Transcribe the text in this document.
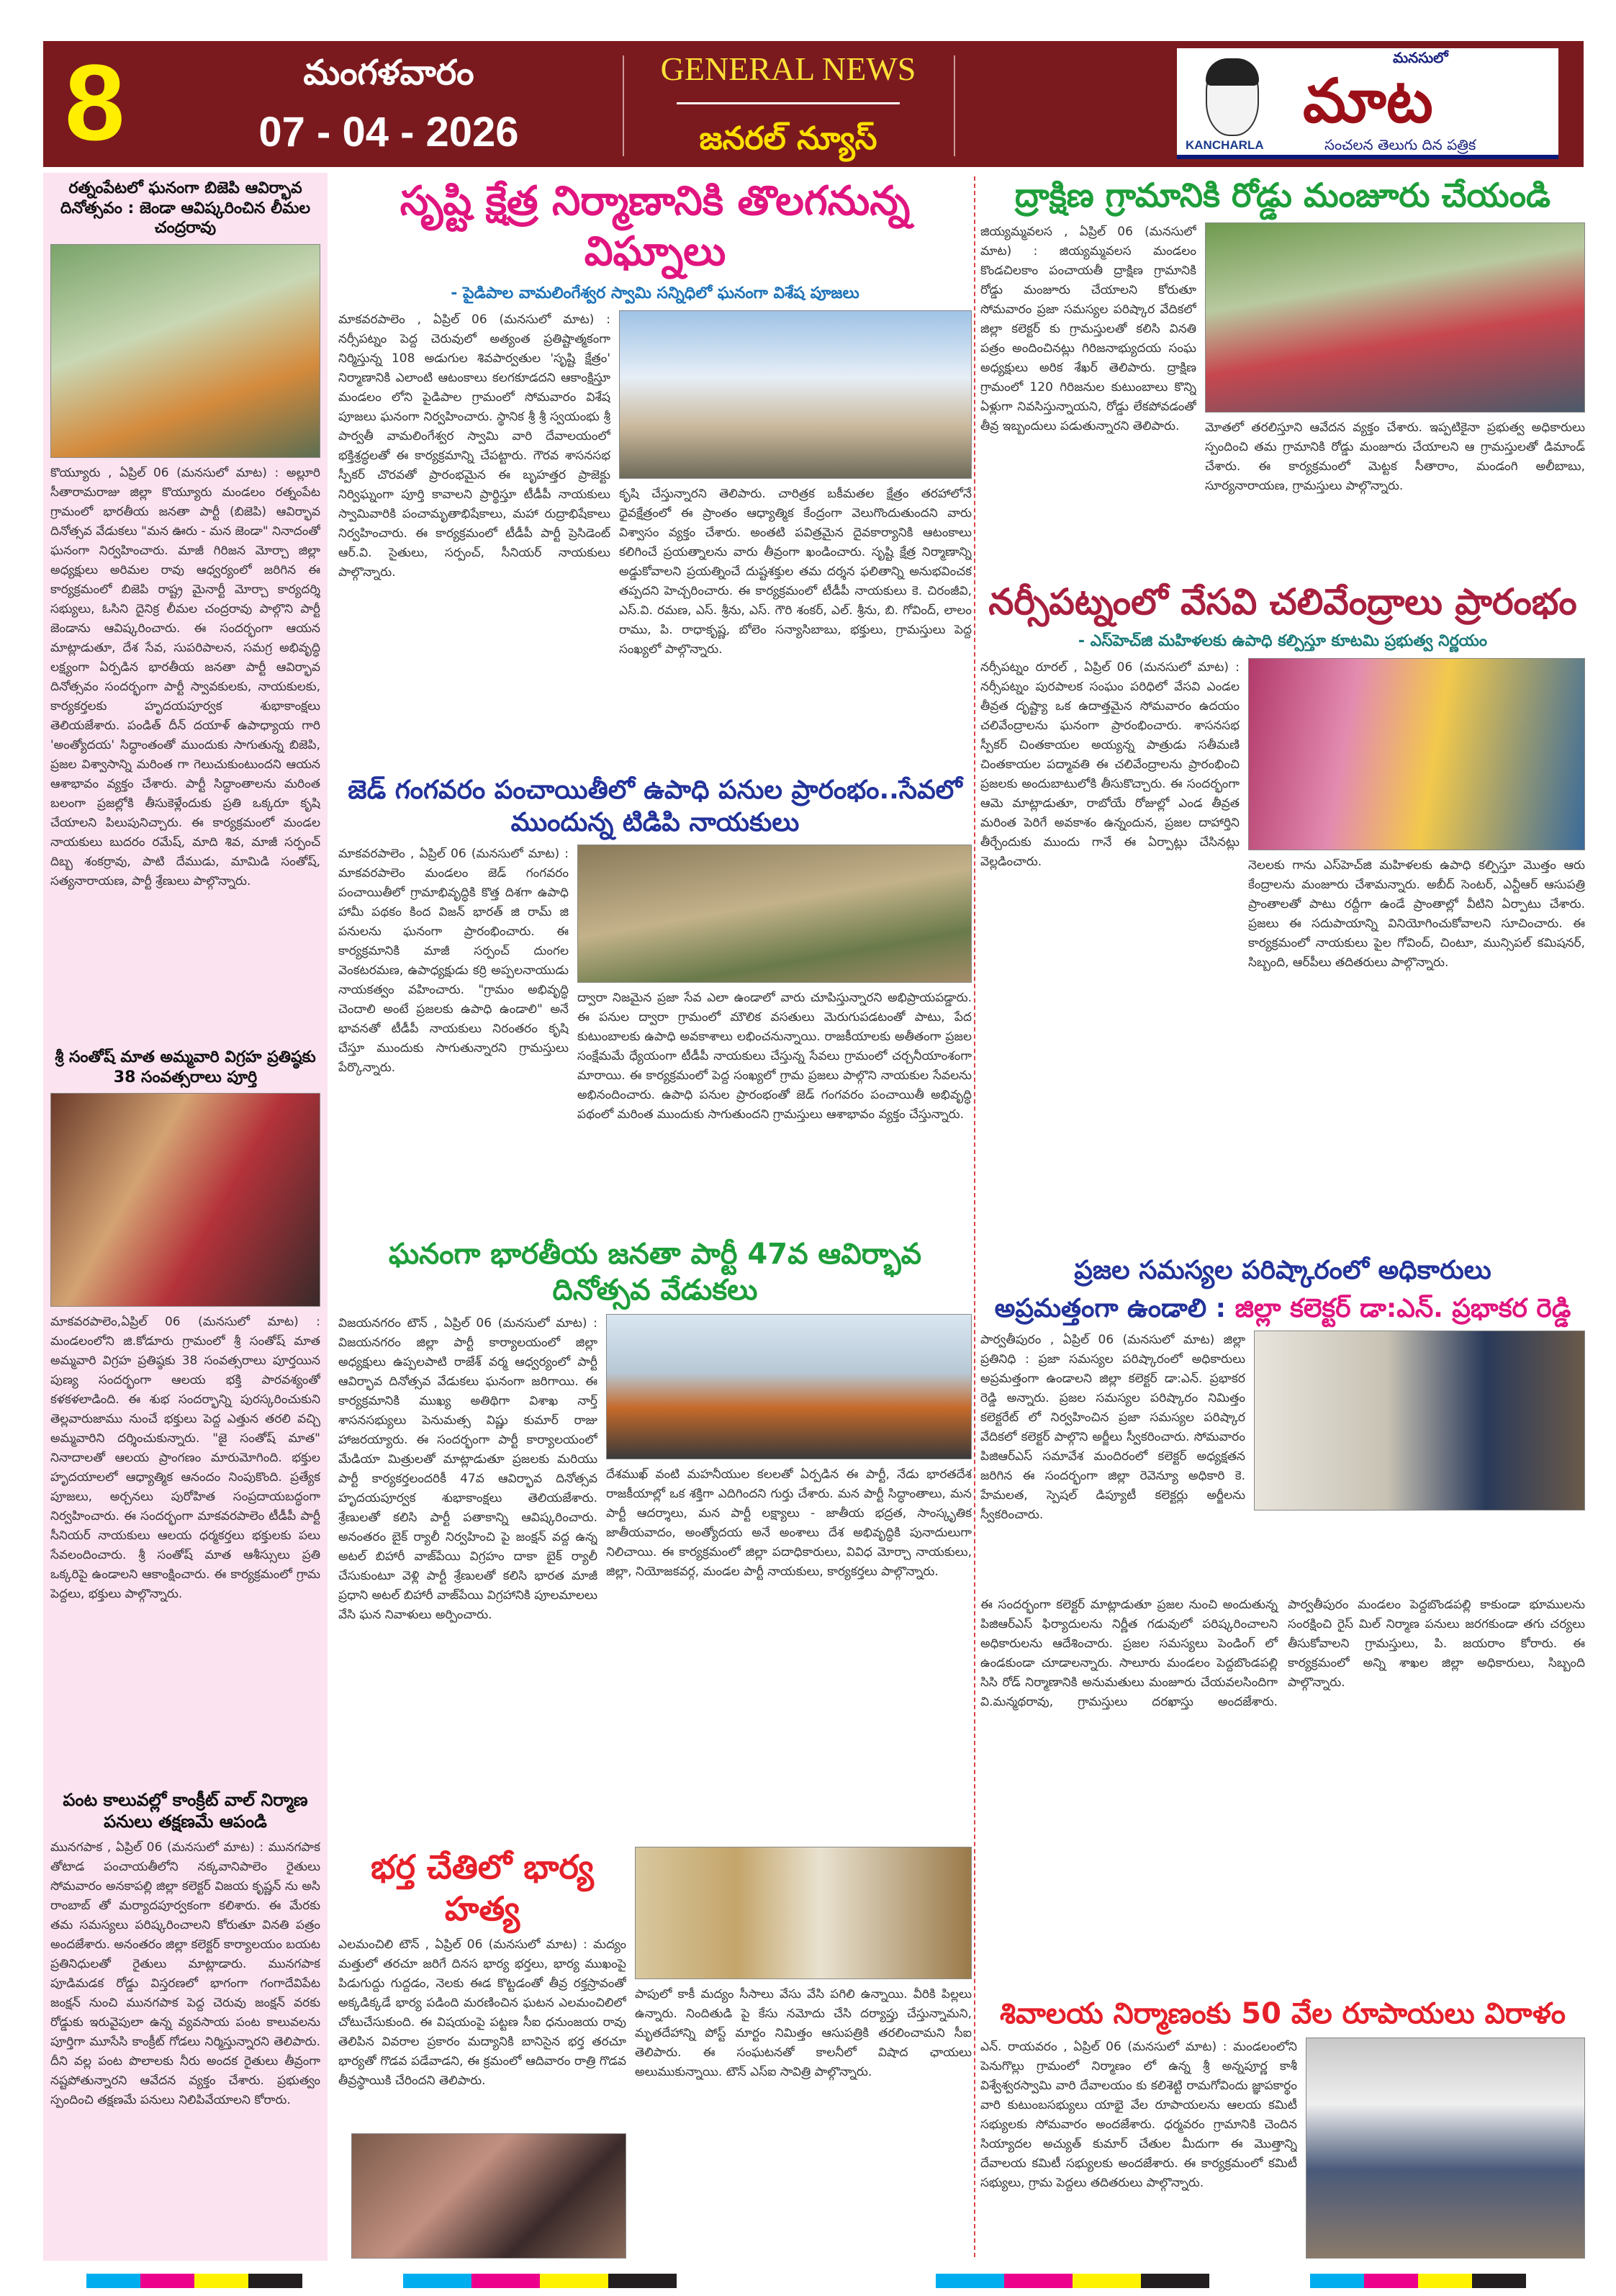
8	మంగళవారం
07 - 04 - 2026
GENERAL NEWS
జనరల్ న్యూస్
మనసులో
మాట
KANCHARLA	సంచలన తెలుగు దిన పత్రిక
రత్నంపేటలో ఘనంగా బిజెపి ఆవిర్భావ దినోత్సవం : జెండా ఆవిష్కరించిన లీమల చంద్రరావు
కొయ్యూరు , ఏప్రిల్ 06 (మనసులో మాట) : అల్లూరి సీతారామరాజు జిల్లా కొయ్యూరు మండలం రత్నంపేట గ్రామంలో భారతీయ జనతా పార్టీ (బిజెపి) ఆవిర్భావ దినోత్సవ వేడుకలు "మన ఊరు - మన జెండా" నినాదంతో ఘనంగా నిర్వహించారు. మాజీ గిరిజన మోర్చా జిల్లా అధ్యక్షులు అరిమల రావు ఆధ్వర్యంలో జరిగిన ఈ కార్యక్రమంలో బిజెపి రాష్ట్ర మైనార్టీ మోర్చా కార్యదర్శి సభ్యులు, ఓసిని దైనిక్ర లీమల చంద్రరావు పాల్గొని పార్టీ జెండాను ఆవిష్కరించారు. ఈ సందర్భంగా ఆయన మాట్లాడుతూ, దేశ సేవ, సుపరిపాలన, సమగ్ర అభివృద్ధి లక్ష్యంగా ఏర్పడిన భారతీయ జనతా పార్టీ ఆవిర్భావ దినోత్సవం సందర్భంగా పార్టీ స్వావకులకు, నాయకులకు, కార్యకర్తలకు హృదయపూర్వక శుభాకాంక్షలు తెలియజేశారు. పండిత్ దీన్ దయాళ్ ఉపాధ్యాయ గారి 'అంత్యోదయ' సిద్ధాంతంతో ముందుకు సాగుతున్న బిజెపి, ప్రజల విశ్వాసాన్ని మరింత గా గెలుచుకుంటుందని ఆయన ఆశాభావం వ్యక్తం చేశారు. పార్టీ సిద్ధాంతాలను మరింత బలంగా ప్రజల్లోకి తీసుకెళ్లేందుకు ప్రతి ఒక్కరూ కృషి చేయాలని పిలుపునిచ్చారు. ఈ కార్యక్రమంలో మండల నాయకులు బుదరం రమేష్, మాది శివ, మాజీ సర్పంచ్ దిబ్బ శంకర్రావు, పాటి దేముడు, మామిడి సంతోష్, సత్యనారాయణ, పార్టీ శ్రేణులు పాల్గొన్నారు.
శ్రీ సంతోష్ మాత అమ్మవారి విగ్రహ ప్రతిష్ఠకు 38 సంవత్సరాలు పూర్తి
మాకవరపాలెం,ఏప్రిల్ 06 (మనసులో మాట) : మండలంలోని జి.కోడూరు గ్రామంలో శ్రీ సంతోష్ మాత అమ్మవారి విగ్రహ ప్రతిష్ఠకు 38 సంవత్సరాలు పూర్తయిన పుణ్య సందర్భంగా ఆలయ భక్తి పారవశ్యంతో కళకళలాడింది. ఈ శుభ సందర్భాన్ని పురస్కరించుకుని తెల్లవారుజాము నుంచే భక్తులు పెద్ద ఎత్తున తరలి వచ్చి అమ్మవారిని దర్శించుకున్నారు. "జై సంతోష్ మాత" నినాదాలతో ఆలయ ప్రాంగణం మారుమోగింది. భక్తుల హృదయాలలో ఆధ్యాత్మిక ఆనందం నింపుకొంది. ప్రత్యేక పూజలు, అర్చనలు పురోహిత సంప్రదాయబద్ధంగా నిర్వహించారు. ఈ సందర్భంగా మాకవరపాలెం టీడీపీ పార్టీ సీనియర్ నాయకులు ఆలయ ధర్మకర్తలు భక్తులకు పలు సేవలందించారు. శ్రీ సంతోష్ మాత ఆశీస్సులు ప్రతి ఒక్కరిపై ఉండాలని ఆకాంక్షించారు. ఈ కార్యక్రమంలో గ్రామ పెద్దలు, భక్తులు పాల్గొన్నారు.
పంట కాలువల్లో కాంక్రీట్ వాల్ నిర్మాణ పనులు తక్షణమే ఆపండి
మునగపాక , ఏప్రిల్ 06 (మనసులో మాట) : మునగపాక తోటాడ పంచాయతీలోని నక్కవానిపాలెం రైతులు సోమవారం అనకాపల్లి జిల్లా కలెక్టర్ విజయ కృష్ణన్ ను అసి రాంబాబ్ తో మర్యాదపూర్వకంగా కలిశారు. ఈ మేరకు తమ సమస్యలు పరిష్కరించాలని కోరుతూ వినతి పత్రం అందజేశారు. అనంతరం జిల్లా కలెక్టర్ కార్యాలయం బయట ప్రతినిధులతో రైతులు మాట్లాడారు. మునగపాక పూడిమడక రోడ్డు విస్తరణలో భాగంగా గంగాదేవిపేట జంక్షన్ నుంచి మునగపాక పెద్ద చెరువు జంక్షన్ వరకు రోడ్డుకు ఇరువైపులా ఉన్న వ్యవసాయ పంట కాలువలను పూర్తిగా మూసేసి కాంక్రీట్ గోడలు నిర్మిస్తున్నారని తెలిపారు. దీని వల్ల పంట పొలాలకు నీరు అందక రైతులు తీవ్రంగా నష్టపోతున్నారని ఆవేదన వ్యక్తం చేశారు. ప్రభుత్వం స్పందించి తక్షణమే పనులు నిలిపివేయాలని కోరారు.
సృష్టి క్షేత్ర నిర్మాణానికి తొలగనున్న విఘ్నాలు
- పైడిపాల వామలింగేశ్వర స్వామి సన్నిధిలో ఘనంగా విశేష పూజలు
మాకవరపాలెం , ఏప్రిల్ 06 (మనసులో మాట) : నర్సీపట్నం పెద్ద చెరువులో అత్యంత ప్రతిష్టాత్మకంగా నిర్మిస్తున్న 108 అడుగుల శివపార్వతుల 'సృష్టి క్షేత్రం' నిర్మాణానికి ఎలాంటి ఆటంకాలు కలగకూడదని ఆకాంక్షిస్తూ మండలం లోని పైడిపాల గ్రామంలో సోమవారం విశేష పూజలు ఘనంగా నిర్వహించారు. స్థానిక శ్రీ శ్రీ స్వయంభు శ్రీ పార్వతీ వామలింగేశ్వర స్వామి వారి దేవాలయంలో భక్తిశ్రద్ధలతో ఈ కార్యక్రమాన్ని చేపట్టారు. గౌరవ శాసనసభ స్పీకర్ చొరవతో ప్రారంభమైన ఈ బృహత్తర ప్రాజెక్టు నిర్విఘ్నంగా పూర్తి కావాలని ప్రార్థిస్తూ టీడీపీ నాయకులు స్వామివారికి పంచామృతాభిషేకాలు, మహా రుద్రాభిషేకాలు నిర్వహించారు. ఈ కార్యక్రమంలో టీడీపీ పార్టీ ప్రెసిడెంట్ ఆర్.వి. సైతులు, సర్పంచ్, సీనియర్ నాయకులు పాల్గొన్నారు.
కృషి చేస్తున్నారని తెలిపారు. చారిత్రక బకీమతల క్షేత్రం తరహాలోనే ధైవక్షేత్రంలో ఈ ప్రాంతం ఆధ్యాత్మిక కేంద్రంగా వెలుగొందుతుందని వారు విశ్వాసం వ్యక్తం చేశారు. అంతటి పవిత్రమైన దైవకార్యానికి ఆటంకాలు కలిగించే ప్రయత్నాలను వారు తీవ్రంగా ఖండించారు. సృష్టి క్షేత్ర నిర్మాణాన్ని అడ్డుకోవాలని ప్రయత్నించే దుష్టశక్తుల తమ దర్శన ఫలితాన్ని అనుభవించక తప్పదని హెచ్చరించారు. ఈ కార్యక్రమంలో టీడీపీ నాయకులు కె. చిరంజీవి, ఎస్.వి. రమణ, ఎస్. శ్రీను, ఎస్. గౌరి శంకర్, ఎల్. శ్రీను, బి. గోవింద్, లాలం రాము, పి. రాధాకృష్ణ, బోలెం సన్యాసిబాబు, భక్తులు, గ్రామస్తులు పెద్ద సంఖ్యలో పాల్గొన్నారు.
జెడ్ గంగవరం పంచాయితీలో ఉపాధి పనుల ప్రారంభం..సేవలో ముందున్న టిడిపి నాయకులు
మాకవరపాలెం , ఏప్రిల్ 06 (మనసులో మాట) : మాకవరపాలెం మండలం జెడ్ గంగవరం పంచాయితీలో గ్రామాభివృద్ధికి కొత్త దిశగా ఉపాధి హామీ పథకం కింద విజన్ భారత్ జి రామ్ జి పనులను ఘనంగా ప్రారంభించారు. ఈ కార్యక్రమానికి మాజీ సర్పంచ్ దుంగల వెంకటరమణ, ఉపాధ్యక్షుడు కర్రి అప్పలనాయుడు నాయకత్వం వహించారు. "గ్రామం అభివృద్ధి చెందాలి అంటే ప్రజలకు ఉపాధి ఉండాలి" అనే భావనతో టీడీపీ నాయకులు నిరంతరం కృషి చేస్తూ ముందుకు సాగుతున్నారని గ్రామస్తులు పేర్కొన్నారు.
ద్వారా నిజమైన ప్రజా సేవ ఎలా ఉండాలో వారు చూపిస్తున్నారని అభిప్రాయపడ్డారు. ఈ పనుల ద్వారా గ్రామంలో మౌలిక వసతులు మెరుగుపడటంతో పాటు, పేద కుటుంబాలకు ఉపాధి అవకాశాలు లభించనున్నాయి. రాజకీయాలకు అతీతంగా ప్రజల సంక్షేమమే ధ్యేయంగా టీడీపీ నాయకులు చేస్తున్న సేవలు గ్రామంలో చర్చనీయాంశంగా మారాయి. ఈ కార్యక్రమంలో పెద్ద సంఖ్యలో గ్రామ ప్రజలు పాల్గొని నాయకుల సేవలను అభినందించారు. ఉపాధి పనుల ప్రారంభంతో జెడ్ గంగవరం పంచాయితీ అభివృద్ధి పథంలో మరింత ముందుకు సాగుతుందని గ్రామస్తులు ఆశాభావం వ్యక్తం చేస్తున్నారు.
ఘనంగా భారతీయ జనతా పార్టీ 47వ ఆవిర్భావ దినోత్సవ వేడుకలు
విజయనగరం టౌన్ , ఏప్రిల్ 06 (మనసులో మాట) : విజయనగరం జిల్లా పార్టీ కార్యాలయంలో జిల్లా అధ్యక్షులు ఉప్పలపాటి రాజేశ్ వర్మ ఆధ్వర్యంలో పార్టీ ఆవిర్భావ దినోత్సవ వేడుకలు ఘనంగా జరిగాయి. ఈ కార్యక్రమానికి ముఖ్య అతిథిగా విశాఖ నార్త్ శాసనసభ్యులు పెనుమత్స విష్ణు కుమార్ రాజు హాజరయ్యారు. ఈ సందర్భంగా పార్టీ కార్యాలయంలో మేడియా మిత్రులతో మాట్లాడుతూ ప్రజలకు మరియు పార్టీ కార్యకర్తలందరికీ 47వ ఆవిర్భావ దినోత్సవ హృదయపూర్వక శుభాకాంక్షలు తెలియజేశారు. శ్రేణులతో కలిసి పార్టీ పతాకాన్ని ఆవిష్కరించారు. అనంతరం బైక్ ర్యాలీ నిర్వహించి పై జంక్షన్ వద్ద ఉన్న అటల్ బిహారీ వాజ్‌పేయి విగ్రహం దాకా బైక్ ర్యాలీ చేసుకుంటూ వెళ్లి పార్టీ శ్రేణులతో కలిసి భారత మాజీ ప్రధాని అటల్ బిహారీ వాజ్‌పేయి విగ్రహానికి పూలమాలలు వేసి ఘన నివాళులు అర్పించారు.
దేశముఖ్ వంటి మహనీయుల కలలతో ఏర్పడిన ఈ పార్టీ, నేడు భారతదేశ రాజకీయాల్లో ఒక శక్తిగా ఎదిగిందని గుర్తు చేశారు. మన పార్టీ సిద్ధాంతాలు, మన పార్టీ ఆదర్శాలు, మన పార్టీ లక్ష్యాలు - జాతీయ భద్రత, సాంస్కృతిక జాతీయవాదం, అంత్యోదయ అనే అంశాలు దేశ అభివృద్ధికి పునాదులుగా నిలిచాయి. ఈ కార్యక్రమంలో జిల్లా పదాధికారులు, వివిధ మోర్చా నాయకులు, జిల్లా, నియోజకవర్గ, మండల పార్టీ నాయకులు, కార్యకర్తలు పాల్గొన్నారు.
భర్త చేతిలో భార్య హత్య
ఎలమంచిలి టౌన్ , ఏప్రిల్ 06 (మనసులో మాట) : మద్యం మత్తులో తరచూ జరిగే దినస భార్య భర్తలు, భార్య ముఖంపై పిడుగుద్దు గుద్దడం, నెలకు ఈడ కొట్టడంతో తీవ్ర రక్తస్రావంతో అక్కడిక్కడే భార్య పడింది మరణించిన ఘటన ఎలమంచిలిలో చోటుచేసుకుంది. ఈ విషయంపై పట్టణ సీఐ ధనుంజయ రావు తెలిపిన వివరాల ప్రకారం మద్యానికి బానిసైన భర్త తరచూ భార్యతో గొడవ పడేవాడని, ఈ క్రమంలో ఆదివారం రాత్రి గొడవ తీవ్రస్థాయికి చేరిందని తెలిపారు.
పాపులో కాకీ మద్యం సీసాలు వేసు వేసి పగిలి ఉన్నాయి. వీరికి పిల్లలు ఉన్నారు. నిందితుడి పై కేసు నమోదు చేసి దర్యాప్తు చేస్తున్నామని, మృతదేహాన్ని పోస్ట్ మార్టం నిమిత్తం ఆసుపత్రికి తరలించామని సీఐ తెలిపారు. ఈ సంఘటనతో కాలనీలో విషాద ఛాయలు అలుముకున్నాయి. టౌన్ ఎస్ఐ సావిత్రి పాల్గొన్నారు.
ద్రాక్షిణ గ్రామానికి రోడ్డు మంజూరు చేయండి
జియ్యమ్మవలస , ఏప్రిల్ 06 (మనసులో మాట) : జియ్యమ్మవలస మండలం కొండచిలకాం పంచాయతీ ద్రాక్షిణ గ్రామానికి రోడ్డు మంజూరు చేయాలని కోరుతూ సోమవారం ప్రజా సమస్యల పరిష్కార వేదికలో జిల్లా కలెక్టర్ కు గ్రామస్తులతో కలిసి వినతి పత్రం అందించినట్లు గిరిజనాభ్యుదయ సంఘ అధ్యక్షులు అరిక శేఖర్ తెలిపారు. ద్రాక్షిణ గ్రామంలో 120 గిరిజనుల కుటుంబాలు కొన్ని ఏళ్లుగా నివసిస్తున్నాయని, రోడ్డు లేకపోవడంతో తీవ్ర ఇబ్బందులు పడుతున్నారని తెలిపారు.	మోతలో తరలిస్తూని ఆవేదన వ్యక్తం చేశారు. ఇప్పటికైనా ప్రభుత్వ అధికారులు స్పందించి తమ గ్రామానికి రోడ్డు మంజూరు చేయాలని ఆ గ్రామస్తులతో డిమాండ్ చేశారు. ఈ కార్యక్రమంలో మెట్టక సీతారాం, మండంగి అలీబాబు, సూర్యనారాయణ, గ్రామస్తులు పాల్గొన్నారు.
నర్సీపట్నంలో వేసవి చలివేంద్రాలు ప్రారంభం
- ఎస్‌హెచ్‌జి మహిళలకు ఉపాధి కల్పిస్తూ కూటమి ప్రభుత్వ నిర్ణయం
నర్సీపట్నం రూరల్ , ఏప్రిల్ 06 (మనసులో మాట) : నర్సీపట్నం పురపాలక సంఘం పరిధిలో వేసవి ఎండల తీవ్రత దృష్ట్యా ఒక ఉదాత్తమైన సోమవారం ఉదయం చలివేంద్రాలను ఘనంగా ప్రారంభించారు. శాసనసభ స్పీకర్ చింతకాయల అయ్యన్న పాత్రుడు సతీమణి చింతకాయల పద్మావతి ఈ చలివేంద్రాలను ప్రారంభించి ప్రజలకు అందుబాటులోకి తీసుకొచ్చారు. ఈ సందర్భంగా ఆమె మాట్లాడుతూ, రాబోయే రోజుల్లో ఎండ తీవ్రత మరింత పెరిగే అవకాశం ఉన్నందున, ప్రజల దాహార్తిని తీర్చేందుకు ముందు గానే ఈ ఏర్పాట్లు చేసినట్లు వెల్లడించారు.	నెలలకు గాను ఎస్‌హెచ్‌జి మహిళలకు ఉపాధి కల్పిస్తూ మొత్తం ఆరు కేంద్రాలను మంజూరు చేశామన్నారు. అబీద్ సెంటర్, ఎన్టీఆర్ ఆసుపత్రి ప్రాంతాలతో పాటు రద్దీగా ఉండే ప్రాంతాల్లో వీటిని ఏర్పాటు చేశారు. ప్రజలు ఈ సదుపాయాన్ని వినియోగించుకోవాలని సూచించారు. ఈ కార్యక్రమంలో నాయకులు పైల గోవింద్, చింటూ, మున్సిపల్ కమిషనర్, సిబ్బంది, ఆర్‌పీలు తదితరులు పాల్గొన్నారు.
ప్రజల సమస్యల పరిష్కారంలో అధికారులు
అప్రమత్తంగా ఉండాలి : జిల్లా కలెక్టర్ డా:ఎన్. ప్రభాకర రెడ్డి
పార్వతీపురం , ఏప్రిల్ 06 (మనసులో మాట) జిల్లా ప్రతినిధి : ప్రజా సమస్యల పరిష్కారంలో అధికారులు అప్రమత్తంగా ఉండాలని జిల్లా కలెక్టర్ డా:ఎన్. ప్రభాకర రెడ్డి అన్నారు. ప్రజల సమస్యల పరిష్కారం నిమిత్తం కలెక్టరేట్ లో నిర్వహించిన ప్రజా సమస్యల పరిష్కార వేదికలో కలెక్టర్ పాల్గొని అర్జీలు స్వీకరించారు. సోమవారం పిజిఆర్ఎస్ సమావేశ మందిరంలో కలెక్టర్ అధ్యక్షతన జరిగిన ఈ సందర్భంగా జిల్లా రెవెన్యూ అధికారి కె. హేమలత, స్పెషల్ డిప్యూటీ కలెక్టర్లు అర్జీలను స్వీకరించారు.
ఈ సందర్భంగా కలెక్టర్ మాట్లాడుతూ ప్రజల నుంచి అందుతున్న పిజిఆర్ఎస్ ఫిర్యాదులను నిర్ణీత గడువులో పరిష్కరించాలని అధికారులను ఆదేశించారు. ప్రజల సమస్యలు పెండింగ్ లో ఉండకుండా చూడాలన్నారు. సాలూరు మండలం పెద్దబొండపల్లి సిసి రోడ్ నిర్మాణానికి అనుమతులు మంజూరు చేయవలసిందిగా వి.మన్మథరావు, గ్రామస్తులు దరఖాస్తు అందజేశారు. పార్వతీపురం మండలం పెద్దబొండపల్లి కాకుండా భూములను సంరక్షించి రైస్ మిల్ నిర్మాణ పనులు జరగకుండా తగు చర్యలు తీసుకోవాలని గ్రామస్తులు, పి. జయరాం కోరారు. ఈ కార్యక్రమంలో అన్ని శాఖల జిల్లా అధికారులు, సిబ్బంది పాల్గొన్నారు.
శివాలయ నిర్మాణంకు 50 వేల రూపాయలు విరాళం
ఎన్. రాయవరం , ఏప్రిల్ 06 (మనసులో మాట) : మండలంలోని పెనుగొల్లు గ్రామంలో నిర్మాణం లో ఉన్న శ్రీ అన్నపూర్ణ కాశీ విశ్వేశ్వరస్వామి వారి దేవాలయం కు కలిశెట్టి రామగోవిందు జ్ఞాపకార్థం వారి కుటుంబసభ్యులు యాభై వేల రూపాయలను ఆలయ కమిటీ సభ్యులకు సోమవారం అందజేశారు. ధర్మవరం గ్రామానికి చెందిన సియ్యాదల అచ్యుత్ కుమార్ చేతుల మీదుగా ఈ మొత్తాన్ని దేవాలయ కమిటీ సభ్యులకు అందజేశారు. ఈ కార్యక్రమంలో కమిటీ సభ్యులు, గ్రామ పెద్దలు తదితరులు పాల్గొన్నారు.
